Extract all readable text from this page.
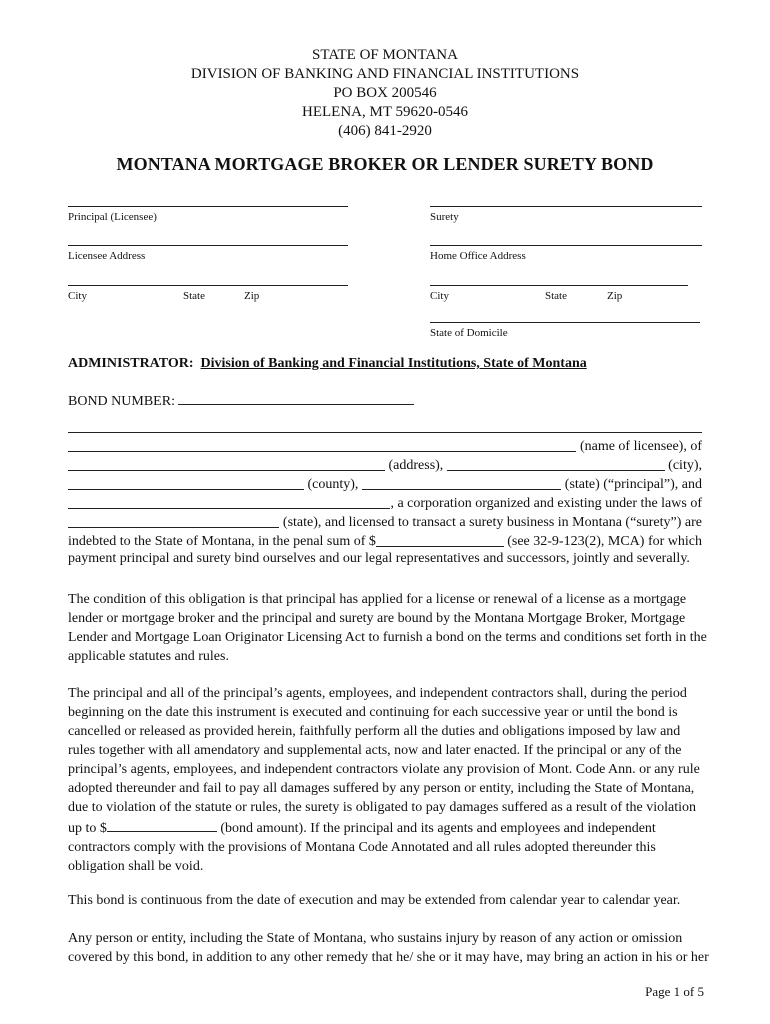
STATE OF MONTANA
DIVISION OF BANKING AND FINANCIAL INSTITUTIONS
PO BOX 200546
HELENA, MT 59620-0546
(406) 841-2920
MONTANA MORTGAGE BROKER OR LENDER SURETY BOND
Principal (Licensee)
Licensee Address
City	State	Zip
Surety
Home Office Address
City	State	Zip
State of Domicile
ADMINISTRATOR: Division of Banking and Financial Institutions, State of Montana
BOND NUMBER:

(name of licensee), of

(address),

	(city),

(county),

	(state) (“principal”), and
, a corporation organized and existing under the laws of

(state), and licensed to transact a surety business in Montana (“surety”) are
indebted to the State of Montana, in the penal sum of $
	(see 32-9-123(2), MCA) for which
payment principal and surety bind ourselves and our legal representatives and successors, jointly and severally.
The condition of this obligation is that principal has applied for a license or renewal of a license as a mortgage
lender or mortgage broker and the principal and surety are bound by the Montana Mortgage Broker, Mortgage
Lender and Mortgage Loan Originator Licensing Act to furnish a bond on the terms and conditions set forth in the
applicable statutes and rules.
The principal and all of the principal’s agents, employees, and independent contractors shall, during the period
beginning on the date this instrument is executed and continuing for each successive year or until the bond is
cancelled or released as provided herein, faithfully perform all the duties and obligations imposed by law and
rules together with all amendatory and supplemental acts, now and later enacted. If the principal or any of the
principal’s agents, employees, and independent contractors violate any provision of Mont. Code Ann. or any rule
adopted thereunder and fail to pay all damages suffered by any person or entity, including the State of Montana,
due to violation of the statute or rules, the surety is obligated to pay damages suffered as a result of the violation
up to $	(bond amount). If the principal and its agents and employees and independent
contractors comply with the provisions of Montana Code Annotated and all rules adopted thereunder this
obligation shall be void.
This bond is continuous from the date of execution and may be extended from calendar year to calendar year.
Any person or entity, including the State of Montana, who sustains injury by reason of any action or omission
covered by this bond, in addition to any other remedy that he/ she or it may have, may bring an action in his or her
Page 1 of 5
